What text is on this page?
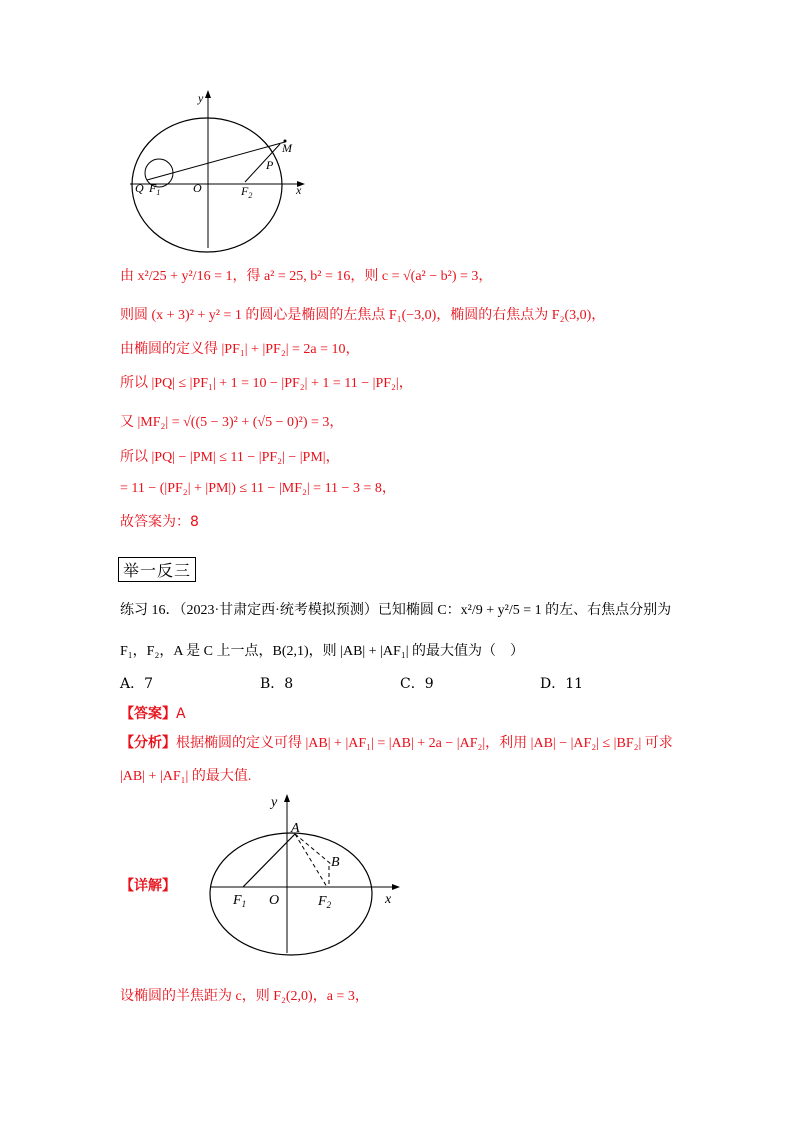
y
x
M
P
Q $F_1$	O	$F_2$
由 x²/25 + y²/16 = 1，得 a² = 25, b² = 16，则 c = √(a² − b²) = 3，
则圆 (x + 3)² + y² = 1 的圆心是椭圆的左焦点 F₁(−3,0)，椭圆的右焦点为 F₂(3,0)，
由椭圆的定义得 |PF₁| + |PF₂| = 2a = 10，
所以 |PQ| ≤ |PF₁| + 1 = 10 − |PF₂| + 1 = 11 − |PF₂|，
又 |MF₂| = √((5 − 3)² + (√5 − 0)²) = 3，
所以 |PQ| − |PM| ≤ 11 − |PF₂| − |PM|，
= 11 − (|PF₂| + |PM|) ≤ 11 − |MF₂| = 11 − 3 = 8，
故答案为：8
举一反三
练习 16．（2023·甘肃定西·统考模拟预测）已知椭圆 C：x²/9 + y²/5 = 1 的左、右焦点分别为
F₁，F₂，A 是 C 上一点，B(2,1)，则 |AB| + |AF₁| 的最大值为（　）
A．7	B．8	C．9	D．11
【答案】A
【分析】根据椭圆的定义可得 |AB| + |AF₁| = |AB| + 2a − |AF₂|，利用 |AB| − |AF₂| ≤ |BF₂| 可求
|AB| + |AF₁| 的最大值.
【详解】
y
x
A
B
$F_1$ O	$F_2$
设椭圆的半焦距为 c，则 F₂(2,0)，a = 3，
